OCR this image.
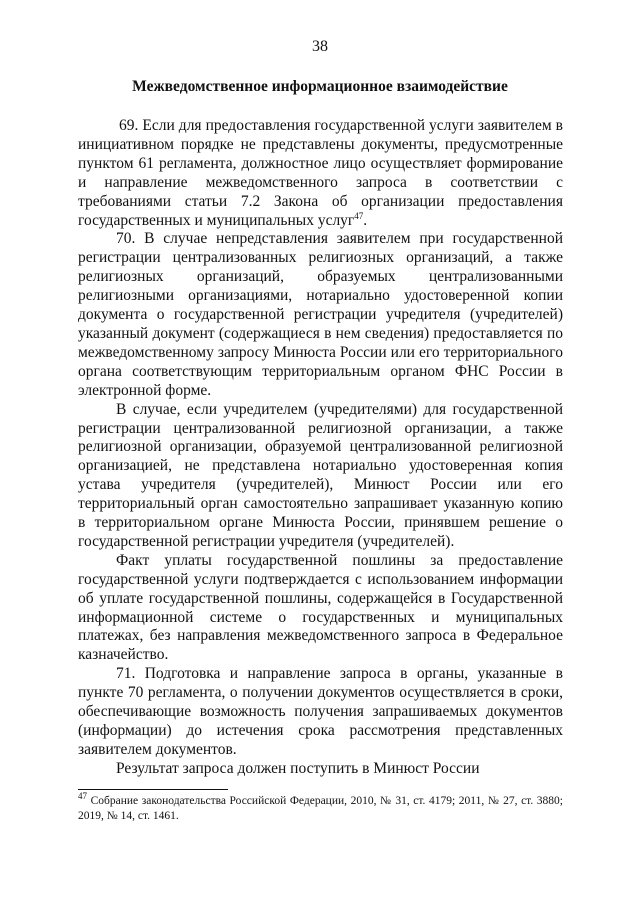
38
Межведомственное информационное взаимодействие

69. Если для предоставления государственной услуги заявителем в инициативном порядке не представлены документы, предусмотренные пунктом 61 регламента, должностное лицо осуществляет формирование и направление межведомственного запроса в соответствии с требованиями статьи 7.2 Закона об организации предоставления государственных и муниципальных услуг$^{47}$.

70. В случае непредставления заявителем при государственной регистрации централизованных религиозных организаций, а также религиозных организаций, образуемых централизованными религиозными организациями, нотариально удостоверенной копии документа о государственной регистрации учредителя (учредителей) указанный документ (содержащиеся в нем сведения) предоставляется по межведомственному запросу Минюста России или его территориального органа соответствующим территориальным органом ФНС России в электронной форме.

В случае, если учредителем (учредителями) для государственной регистрации централизованной религиозной организации, а также религиозной организации, образуемой централизованной религиозной организацией, не представлена нотариально удостоверенная копия устава учредителя (учредителей), Минюст России или его территориальный орган самостоятельно запрашивает указанную копию в территориальном органе Минюста России, принявшем решение о государственной регистрации учредителя (учредителей).

Факт уплаты государственной пошлины за предоставление государственной услуги подтверждается с использованием информации об уплате государственной пошлины, содержащейся в Государственной информационной системе о государственных и муниципальных платежах, без направления межведомственного запроса в Федеральное казначейство.

71. Подготовка и направление запроса в органы, указанные в пункте 70 регламента, о получении документов осуществляется в сроки, обеспечивающие возможность получения запрашиваемых документов (информации) до истечения срока рассмотрения представленных заявителем документов.

Результат запроса должен поступить в Минюст России

$^{47}$ Собрание законодательства Российской Федерации, 2010, № 31, ст. 4179; 2011, № 27, ст. 3880; 2019, № 14, ст. 1461.
